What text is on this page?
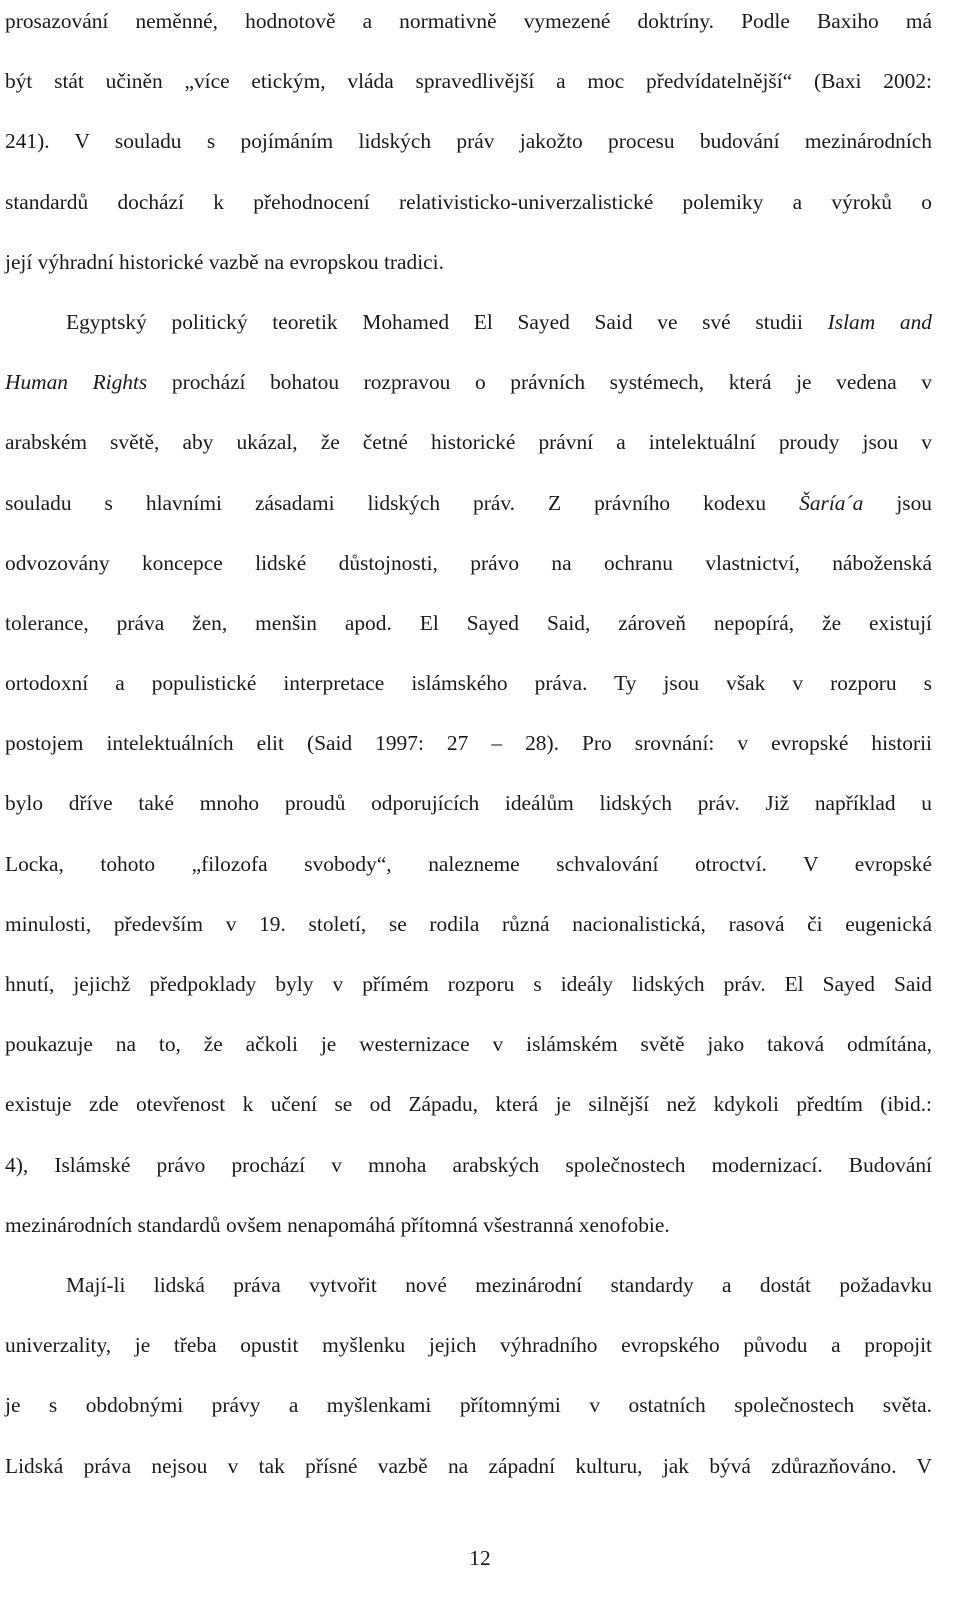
prosazování neměnné, hodnotově a normativně vymezené doktríny. Podle Baxiho má
být stát učiněn „více etickým, vláda spravedlivější a moc předvídatelnější“ (Baxi 2002:
241). V souladu s pojímáním lidských práv jakožto procesu budování mezinárodních
standardů dochází k přehodnocení relativisticko-univerzalistické polemiky a výroků o
její výhradní historické vazbě na evropskou tradici.
Egyptský politický teoretik Mohamed El Sayed Said ve své studii Islam and
Human Rights prochází bohatou rozpravou o právních systémech, která je vedena v
arabském světě, aby ukázal, že četné historické právní a intelektuální proudy jsou v
souladu s hlavními zásadami lidských práv. Z právního kodexu Šaría´a jsou
odvozovány koncepce lidské důstojnosti, právo na ochranu vlastnictví, náboženská
tolerance, práva žen, menšin apod. El Sayed Said, zároveň nepopírá, že existují
ortodoxní a populistické interpretace islámského práva. Ty jsou však v rozporu s
postojem intelektuálních elit (Said 1997: 27 – 28). Pro srovnání: v evropské historii
bylo dříve také mnoho proudů odporujících ideálům lidských práv. Již například u
Locka, tohoto „filozofa svobody“, nalezneme schvalování otroctví. V evropské
minulosti, především v 19. století, se rodila různá nacionalistická, rasová či eugenická
hnutí, jejichž předpoklady byly v přímém rozporu s ideály lidských práv. El Sayed Said
poukazuje na to, že ačkoli je westernizace v islámském světě jako taková odmítána,
existuje zde otevřenost k učení se od Západu, která je silnější než kdykoli předtím (ibid.:
4), Islámské právo prochází v mnoha arabských společnostech modernizací. Budování
mezinárodních standardů ovšem nenapomáhá přítomná všestranná xenofobie.
Mají-li lidská práva vytvořit nové mezinárodní standardy a dostát požadavku
univerzality, je třeba opustit myšlenku jejich výhradního evropského původu a propojit
je s obdobnými právy a myšlenkami přítomnými v ostatních společnostech světa.
Lidská práva nejsou v tak přísné vazbě na západní kulturu, jak bývá zdůrazňováno. V
12
